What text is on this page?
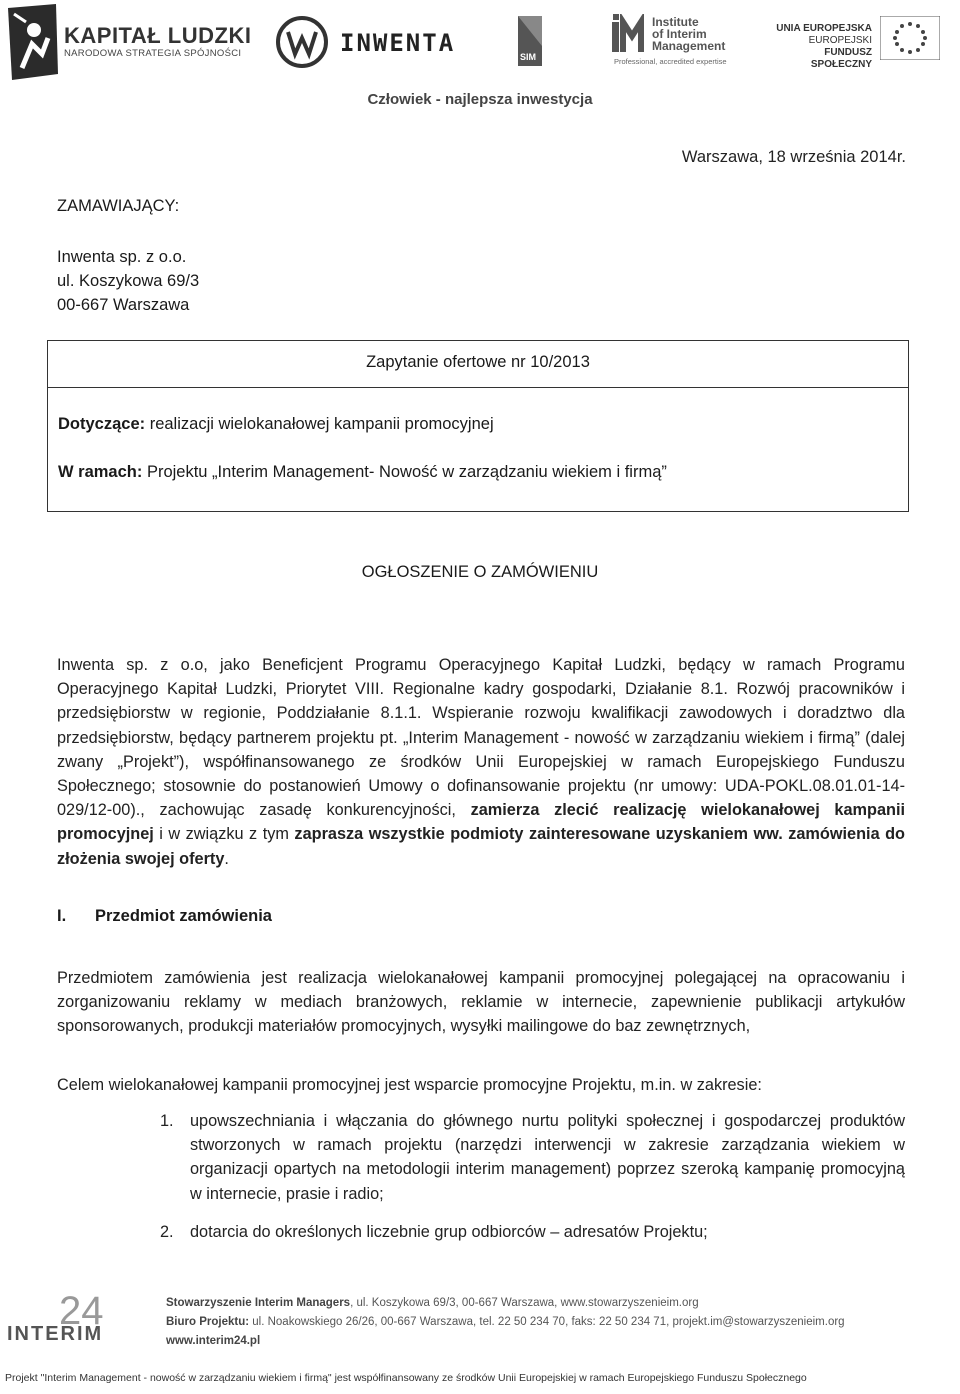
KAPITAŁ LUDZKI
NARODOWA STRATEGIA SPÓJNOŚCI	INWENTA	SIM
Institute
of Interim
Management
Professional, accredited expertise
UNIA EUROPEJSKA
EUROPEJSKI
FUNDUSZ SPOŁECZNY
Człowiek - najlepsza inwestycja
Warszawa, 18 września 2014r.
ZAMAWIAJĄCY:
Inwenta sp. z o.o.
ul. Koszykowa 69/3
00-667 Warszawa
Zapytanie ofertowe nr 10/2013
Dotyczące: realizacji wielokanałowej kampanii promocyjnej
W ramach: Projektu „Interim Management- Nowość w zarządzaniu wiekiem i firmą”
OGŁOSZENIE O ZAMÓWIENIU
Inwenta sp. z o.o, jako Beneficjent Programu Operacyjnego Kapitał Ludzki, będący w ramach Programu Operacyjnego Kapitał Ludzki, Priorytet VIII. Regionalne kadry gospodarki, Działanie 8.1. Rozwój pracowników i przedsiębiorstw w regionie, Poddziałanie 8.1.1. Wspieranie rozwoju kwalifikacji zawodowych i doradztwo dla przedsiębiorstw, będący partnerem projektu pt. „Interim Management - nowość w zarządzaniu wiekiem i firmą” (dalej zwany „Projekt”), współfinansowanego ze środków Unii Europejskiej w ramach Europejskiego Funduszu Społecznego; stosownie do postanowień Umowy o dofinansowanie projektu (nr umowy: UDA-POKL.08.01.01-14-029/12-00)., zachowując zasadę konkurencyjności, zamierza zlecić realizację wielokanałowej kampanii promocyjnej i w związku z tym zaprasza wszystkie podmioty zainteresowane uzyskaniem ww. zamówienia do złożenia swojej oferty.
I. Przedmiot zamówienia
Przedmiotem zamówienia jest realizacja wielokanałowej kampanii promocyjnej polegającej na opracowaniu i zorganizowaniu reklamy w mediach branżowych, reklamie w internecie, zapewnienie publikacji artykułów sponsorowanych, produkcji materiałów promocyjnych, wysyłki mailingowe do baz zewnętrznych,
Celem wielokanałowej kampanii promocyjnej jest wsparcie promocyjne Projektu, m.in. w zakresie:
1. upowszechniania i włączania do głównego nurtu polityki społecznej i gospodarczej produktów stworzonych w ramach projektu (narzędzi interwencji w zakresie zarządzania wiekiem w organizacji opartych na metodologii interim management) poprzez szeroką kampanię promocyjną w internecie, prasie i radio;
2. dotarcia do określonych liczebnie grup odbiorców – adresatów Projektu;
24
INTERIM
Stowarzyszenie Interim Managers, ul. Koszykowa 69/3, 00-667 Warszawa, www.stowarzyszenieim.org
Biuro Projektu: ul. Noakowskiego 26/26, 00-667 Warszawa, tel. 22 50 234 70, faks: 22 50 234 71, projekt.im@stowarzyszenieim.org
www.interim24.pl
Projekt "Interim Management - nowość w zarządzaniu wiekiem i firmą" jest współfinansowany ze środków Unii Europejskiej w ramach Europejskiego Funduszu Społecznego
